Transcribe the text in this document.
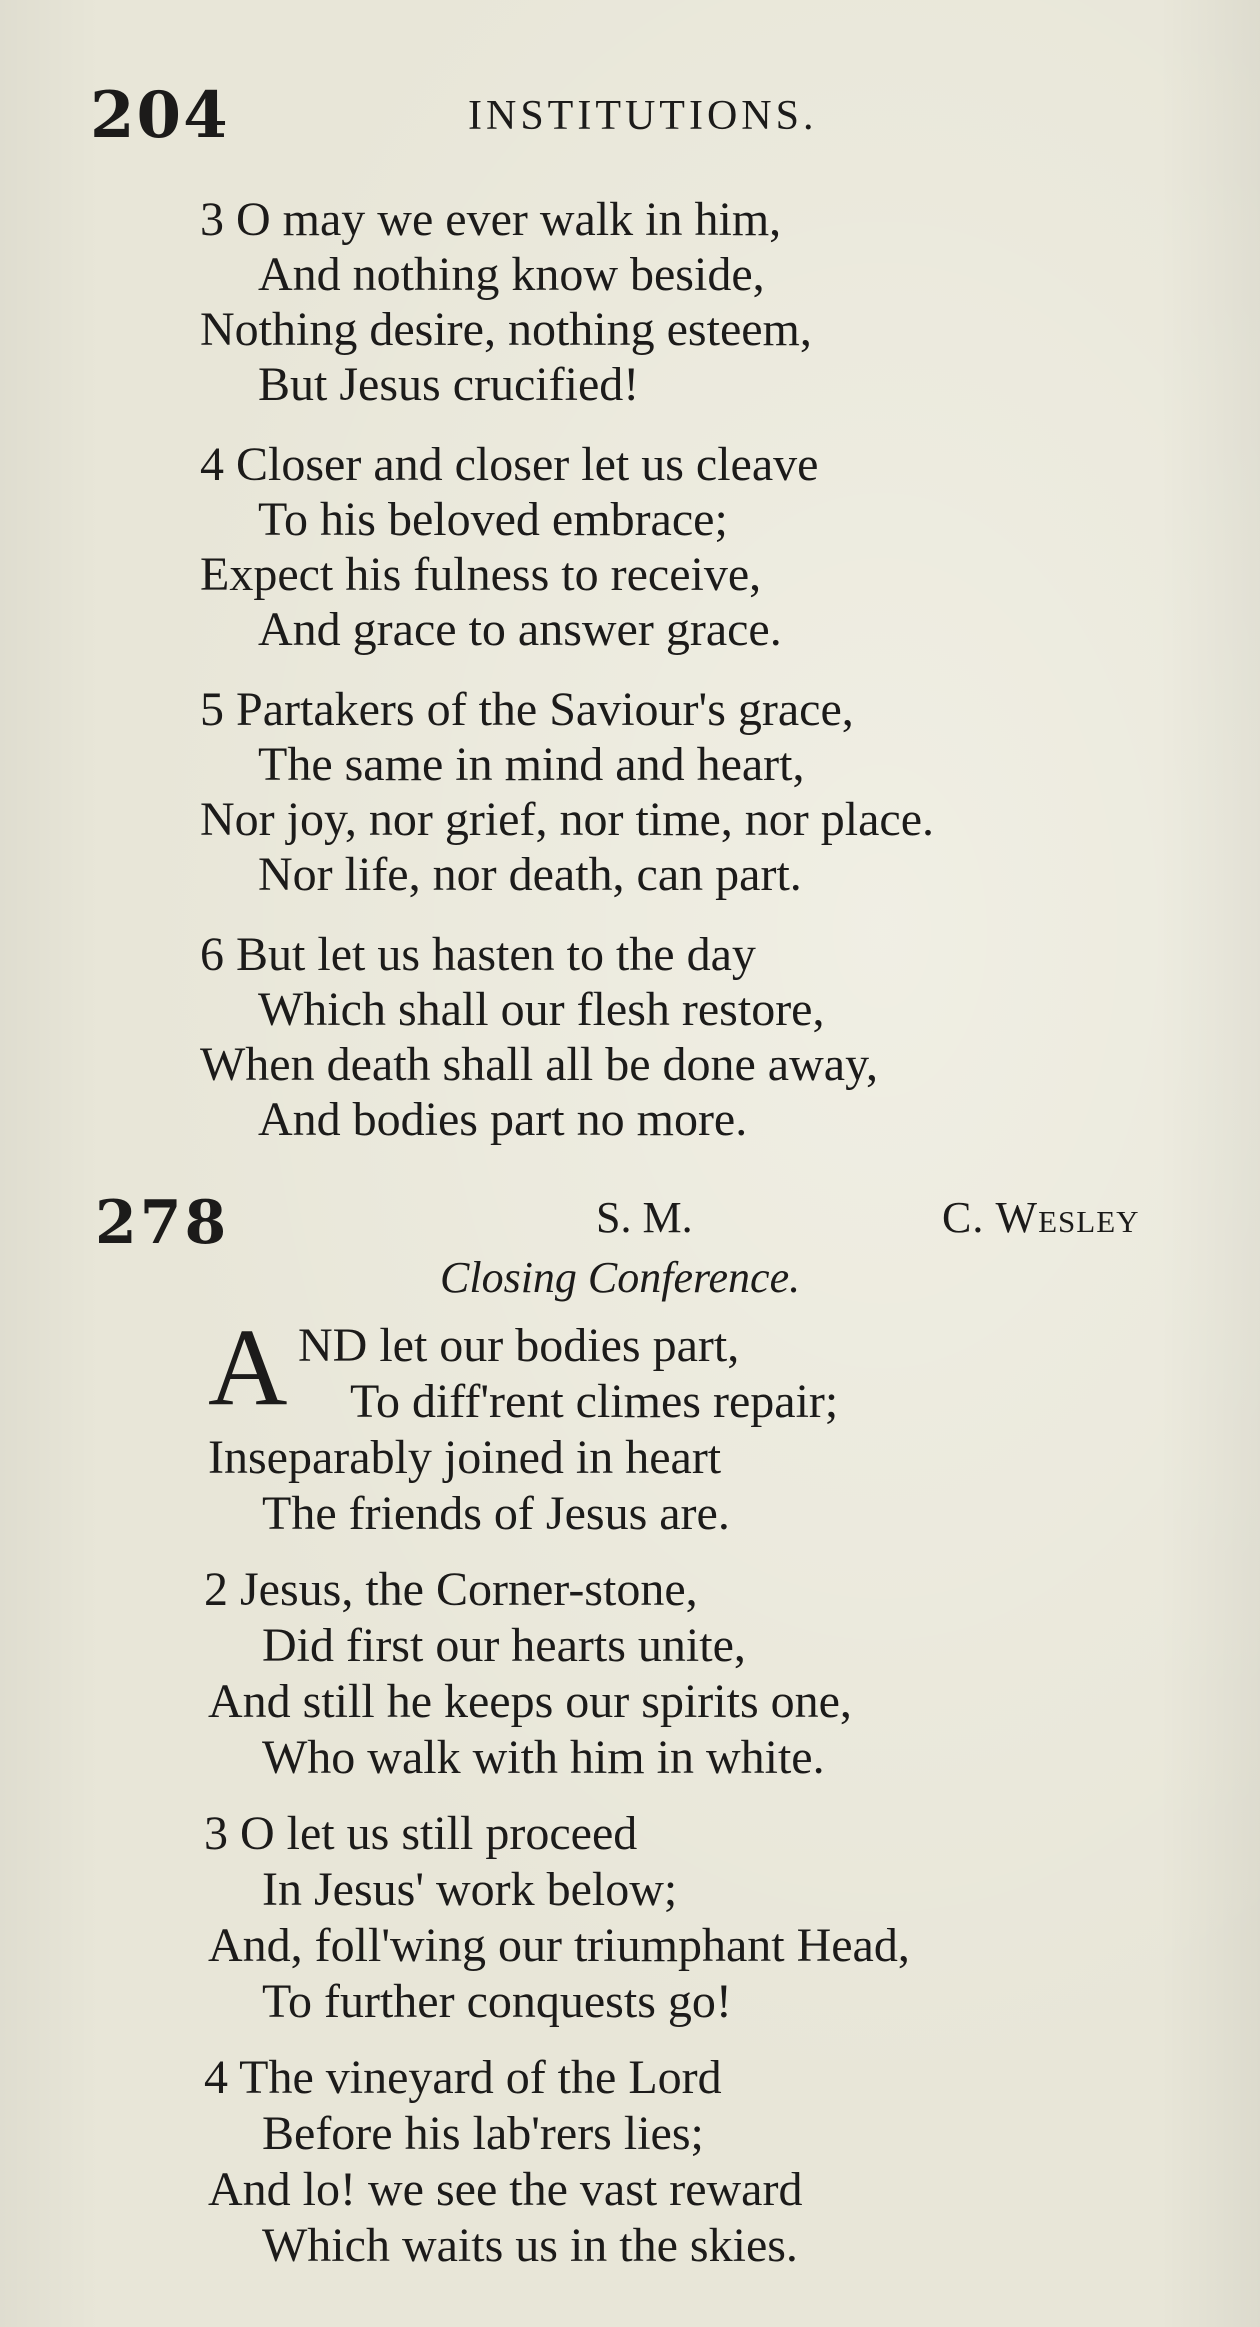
204	INSTITUTIONS.
3 O may we ever walk in him,
And nothing know beside,
Nothing desire, nothing esteem,
But Jesus crucified!
4 Closer and closer let us cleave
To his beloved embrace;
Expect his fulness to receive,
And grace to answer grace.
5 Partakers of the Saviour's grace,
The same in mind and heart,
Nor joy, nor grief, nor time, nor place.
Nor life, nor death, can part.
6 But let us hasten to the day
Which shall our flesh restore,
When death shall all be done away,
And bodies part no more.
278	S. M.	C. Wesley
Closing Conference.
A ND let our bodies part,
To diff'rent climes repair;
Inseparably joined in heart
The friends of Jesus are.
2 Jesus, the Corner-stone,
Did first our hearts unite,
And still he keeps our spirits one,
Who walk with him in white.
3 O let us still proceed
In Jesus' work below;
And, foll'wing our triumphant Head,
To further conquests go!
4 The vineyard of the Lord
Before his lab'rers lies;
And lo! we see the vast reward
Which waits us in the skies.
